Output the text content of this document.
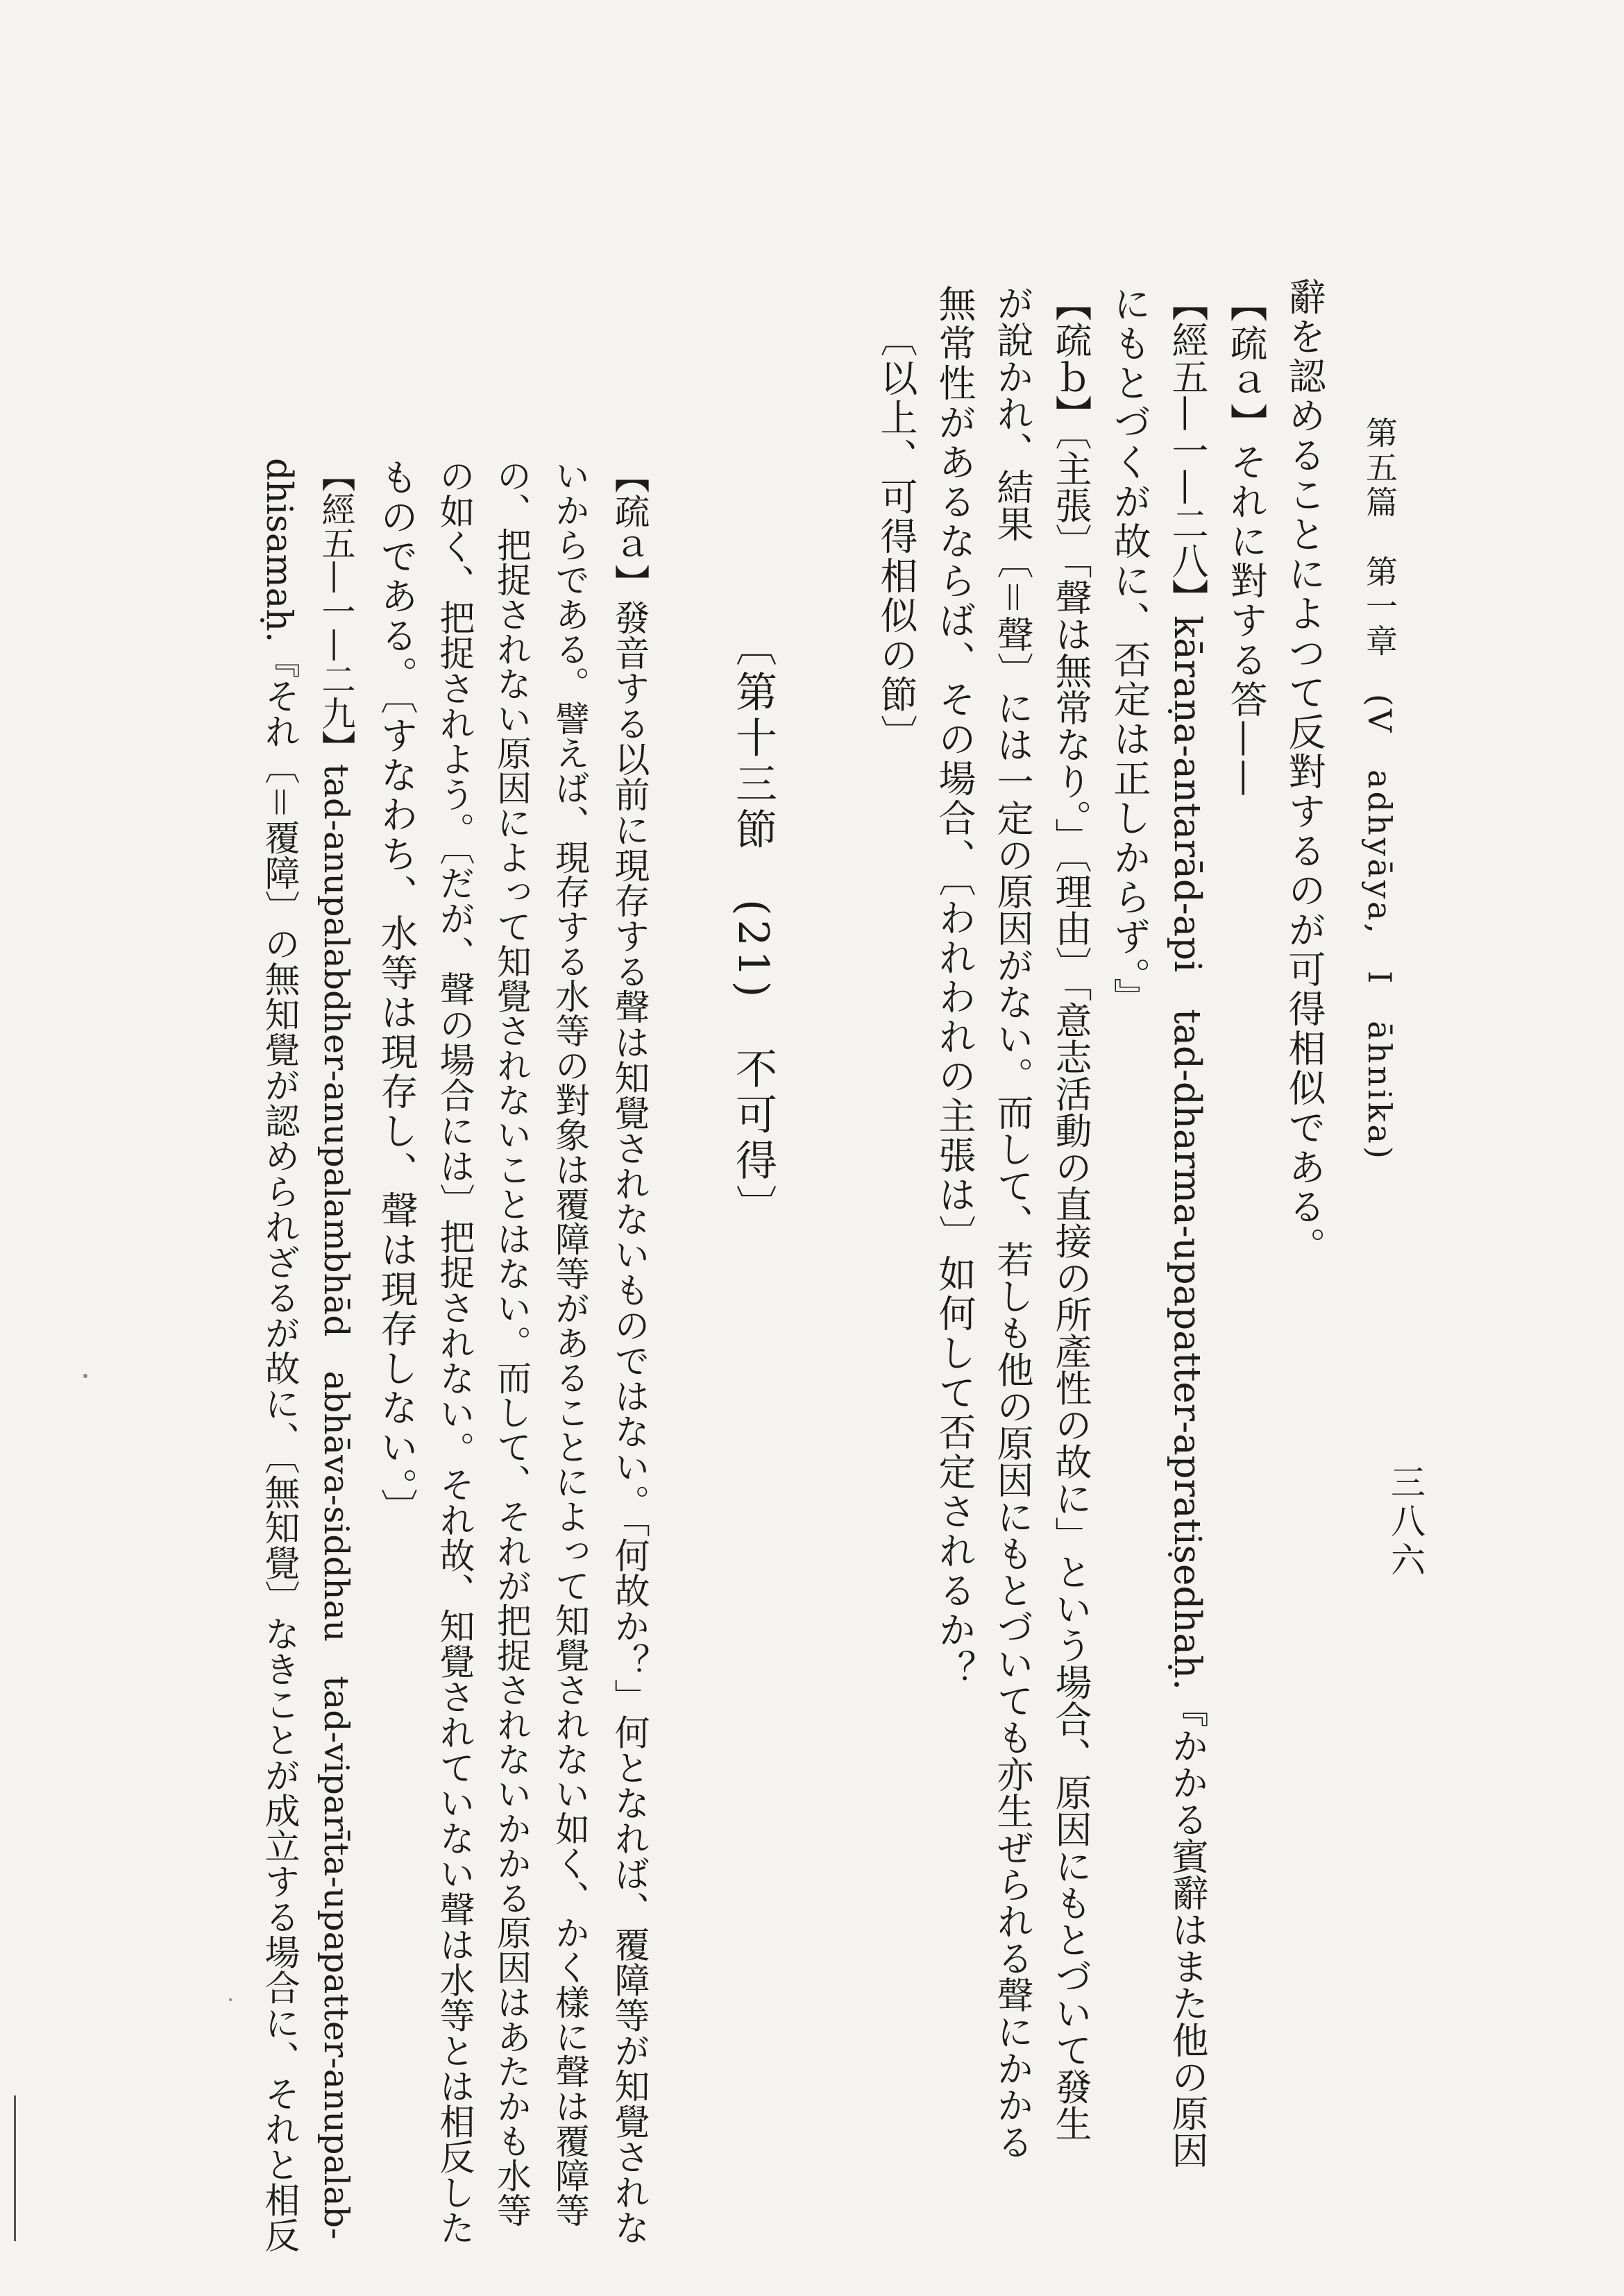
第五篇　第一章　(V　adhyāya,　I　āhnika)
三八六
辭を認めることによつて反對するのが可得相似である。
【疏ａ】それに對する答——
【經五—一—二八】kāraṇa-antarād-api　tad-dharma-upapatter-apratiṣedhaḥ.『かかる賓辭はまた他の原因
にもとづくが故に、否定は正しからず。』
【疏ｂ】〔主張〕「聲は無常なり。」〔理由〕「意志活動の直接の所產性の故に」という場合、原因にもとづいて發生
が說かれ、結果〔＝聲〕には一定の原因がない。而して、若しも他の原因にもとづいても亦生ぜられる聲にかかる
無常性があるならば、その場合、〔われわれの主張は〕如何して否定されるか？
〔以上、可得相似の節〕
〔第十三節　(21)　不可得〕
【疏ａ】發音する以前に現存する聲は知覺されないものではない。「何故か？」何となれば、覆障等が知覺されな
いからである。譬えば、現存する水等の對象は覆障等があることによって知覺されない如く、かく樣に聲は覆障等
の、把捉されない原因によって知覺されないことはない。而して、それが把捉されないかかる原因はあたかも水等
の如く、把捉されよう。〔だが、聲の場合には〕把捉されない。それ故、知覺されていない聲は水等とは相反した
ものである。〔すなわち、水等は現存し、聲は現存しない。〕
【經五—一—二九】tad-anupalabdher-anupalambhād　abhāva-siddhau　tad-viparīta-upapatter-anupalab-
dhisamaḥ.『それ〔＝覆障〕の無知覺が認められざるが故に、〔無知覺〕なきことが成立する場合に、それと相反
